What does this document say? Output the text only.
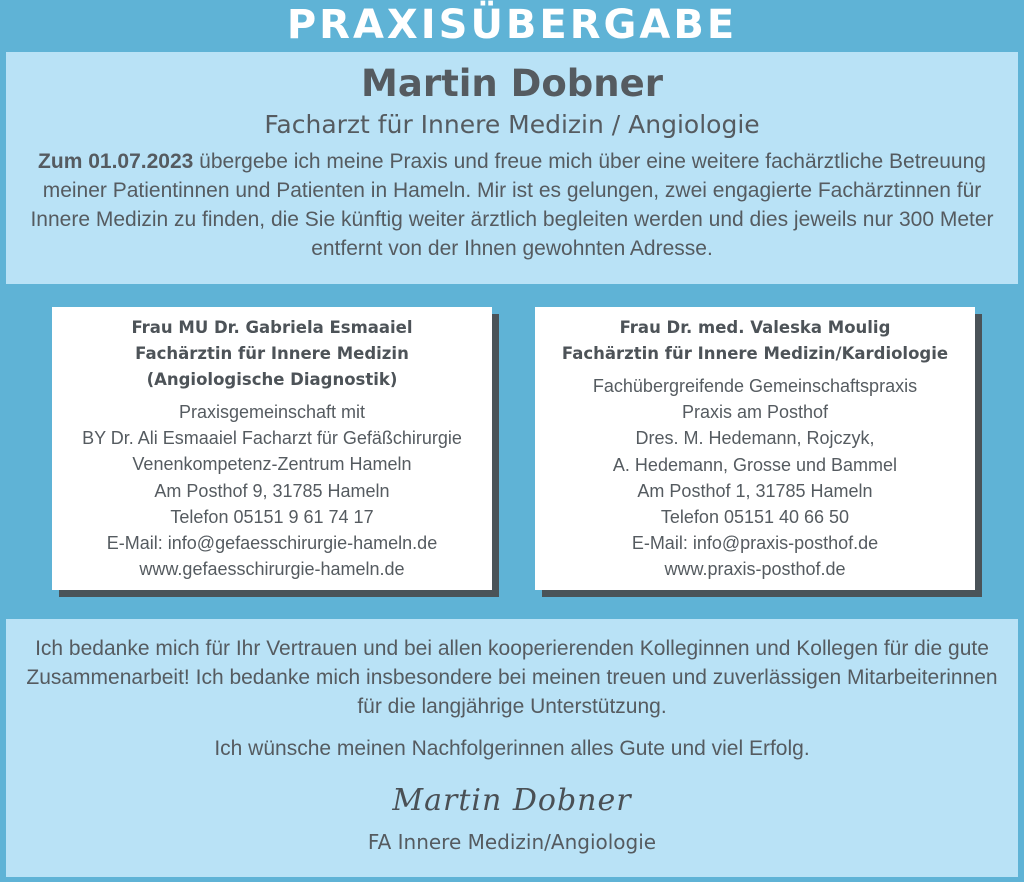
PRAXISÜBERGABE
Martin Dobner
Facharzt für Innere Medizin / Angiologie
Zum 01.07.2023 übergebe ich meine Praxis und freue mich über eine weitere fachärztliche Betreuung meiner Patientinnen und Patienten in Hameln. Mir ist es gelungen, zwei engagierte Fachärztinnen für Innere Medizin zu finden, die Sie künftig weiter ärztlich begleiten werden und dies jeweils nur 300 Meter entfernt von der Ihnen gewohnten Adresse.
Frau MU Dr. Gabriela Esmaaiel
Fachärztin für Innere Medizin
(Angiologische Diagnostik)
Praxisgemeinschaft mit
BY Dr. Ali Esmaaiel Facharzt für Gefäßchirurgie
Venenkompetenz-Zentrum Hameln
Am Posthof 9, 31785 Hameln
Telefon 05151 9 61 74 17
E-Mail: info@gefaesschirurgie-hameln.de
www.gefaesschirurgie-hameln.de
Frau Dr. med. Valeska Moulig
Fachärztin für Innere Medizin/Kardiologie
Fachübergreifende Gemeinschaftspraxis
Praxis am Posthof
Dres. M. Hedemann, Rojczyk,
A. Hedemann, Grosse und Bammel
Am Posthof 1, 31785 Hameln
Telefon 05151 40 66 50
E-Mail: info@praxis-posthof.de
www.praxis-posthof.de
Ich bedanke mich für Ihr Vertrauen und bei allen kooperierenden Kolleginnen und Kollegen für die gute Zusammenarbeit! Ich bedanke mich insbesondere bei meinen treuen und zuverlässigen Mitarbeiterinnen für die langjährige Unterstützung.
Ich wünsche meinen Nachfolgerinnen alles Gute und viel Erfolg.
Martin Dobner
FA Innere Medizin/Angiologie
